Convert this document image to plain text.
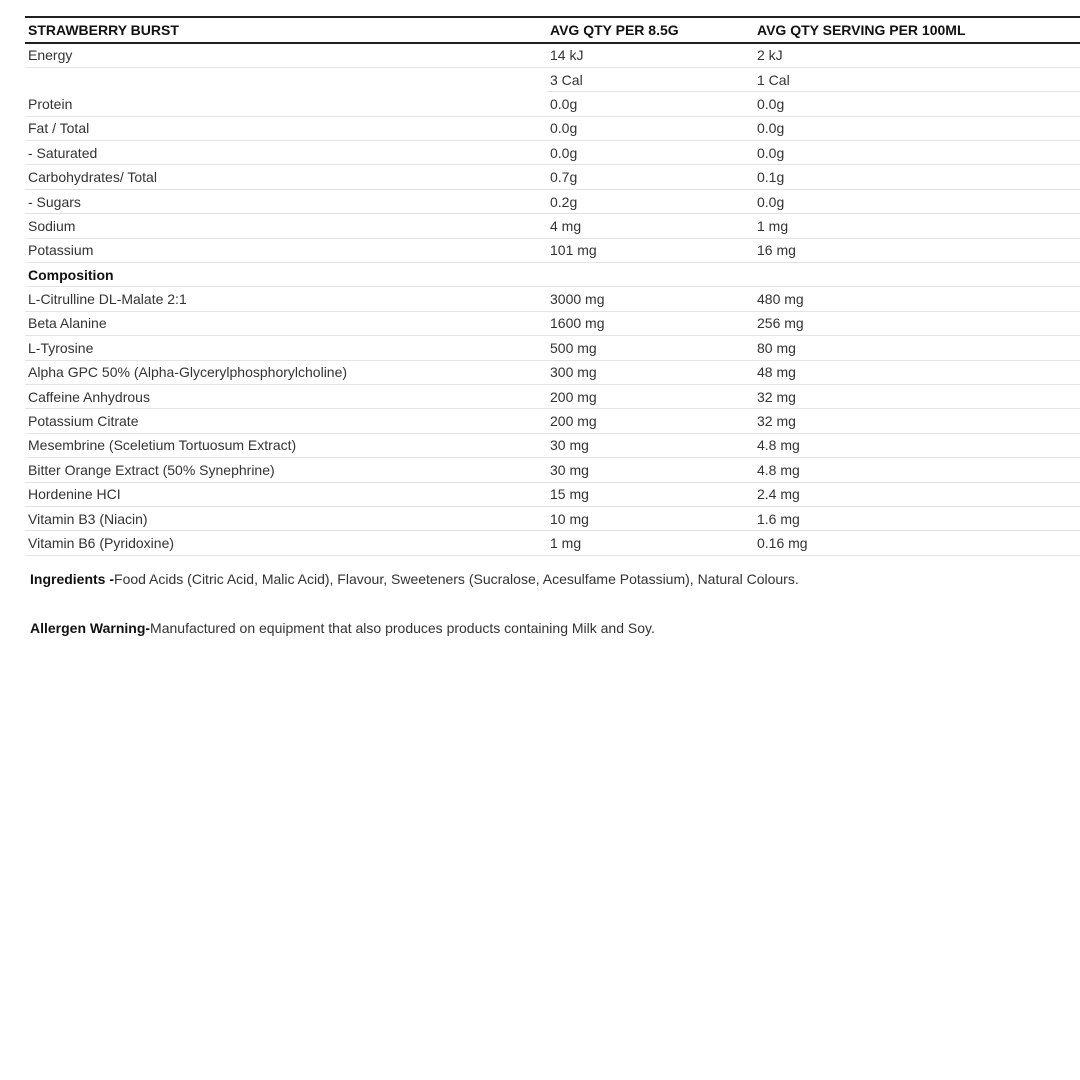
STRAWBERRY BURST	AVG QTY PER 8.5G	AVG QTY SERVING PER 100ML
Energy	14 kJ	2 kJ
	3 Cal	1 Cal
Protein	0.0g	0.0g
Fat / Total	0.0g	0.0g
- Saturated	0.0g	0.0g
Carbohydrates/ Total	0.7g	0.1g
- Sugars	0.2g	0.0g
Sodium	4 mg	1 mg
Potassium	101 mg	16 mg
Composition		
L-Citrulline DL-Malate 2:1	3000 mg	480 mg
Beta Alanine	1600 mg	256 mg
L-Tyrosine	500 mg	80 mg
Alpha GPC 50% (Alpha-Glycerylphosphorylcholine)	300 mg	48 mg
Caffeine Anhydrous	200 mg	32 mg
Potassium Citrate	200 mg	32 mg
Mesembrine (Sceletium Tortuosum Extract)	30 mg	4.8 mg
Bitter Orange Extract (50% Synephrine)	30 mg	4.8 mg
Hordenine HCI	15 mg	2.4 mg
Vitamin B3 (Niacin)	10 mg	1.6 mg
Vitamin B6 (Pyridoxine)	1 mg	0.16 mg
Ingredients -Food Acids (Citric Acid, Malic Acid), Flavour, Sweeteners (Sucralose, Acesulfame Potassium), Natural Colours.
Allergen Warning-Manufactured on equipment that also produces products containing Milk and Soy.
